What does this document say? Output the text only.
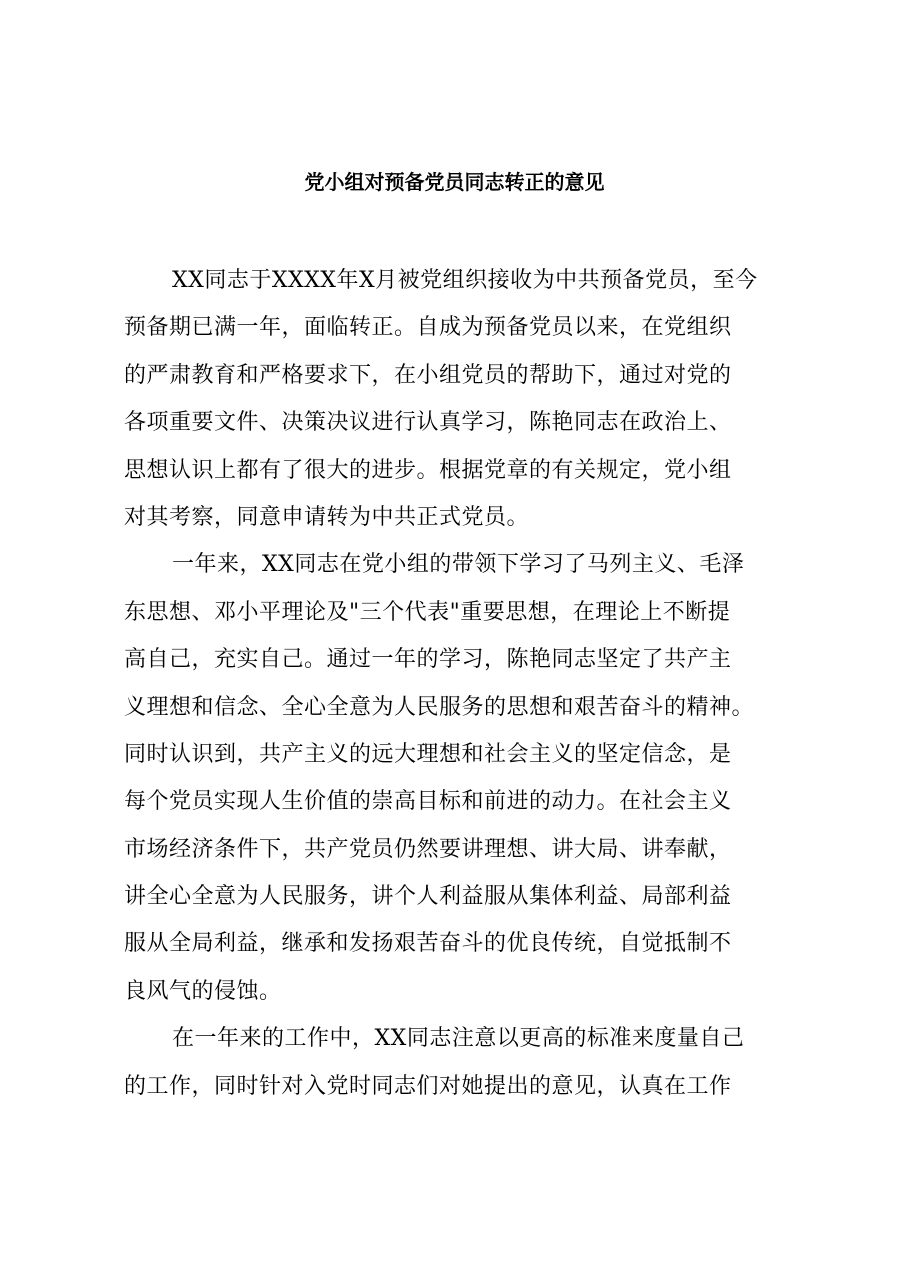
党小组对预备党员同志转正的意见
XX同志于XXXX年X月被党组织接收为中共预备党员，至今
预备期已满一年，面临转正。自成为预备党员以来，在党组织
的严肃教育和严格要求下，在小组党员的帮助下，通过对党的
各项重要文件、决策决议进行认真学习，陈艳同志在政治上、
思想认识上都有了很大的进步。根据党章的有关规定，党小组
对其考察，同意申请转为中共正式党员。
一年来，XX同志在党小组的带领下学习了马列主义、毛泽
东思想、邓小平理论及"三个代表"重要思想，在理论上不断提
高自己，充实自己。通过一年的学习，陈艳同志坚定了共产主
义理想和信念、全心全意为人民服务的思想和艰苦奋斗的精神。
同时认识到，共产主义的远大理想和社会主义的坚定信念，是
每个党员实现人生价值的崇高目标和前进的动力。在社会主义
市场经济条件下，共产党员仍然要讲理想、讲大局、讲奉献，
讲全心全意为人民服务，讲个人利益服从集体利益、局部利益
服从全局利益，继承和发扬艰苦奋斗的优良传统，自觉抵制不
良风气的侵蚀。
在一年来的工作中，XX同志注意以更高的标准来度量自己
的工作，同时针对入党时同志们对她提出的意见，认真在工作
